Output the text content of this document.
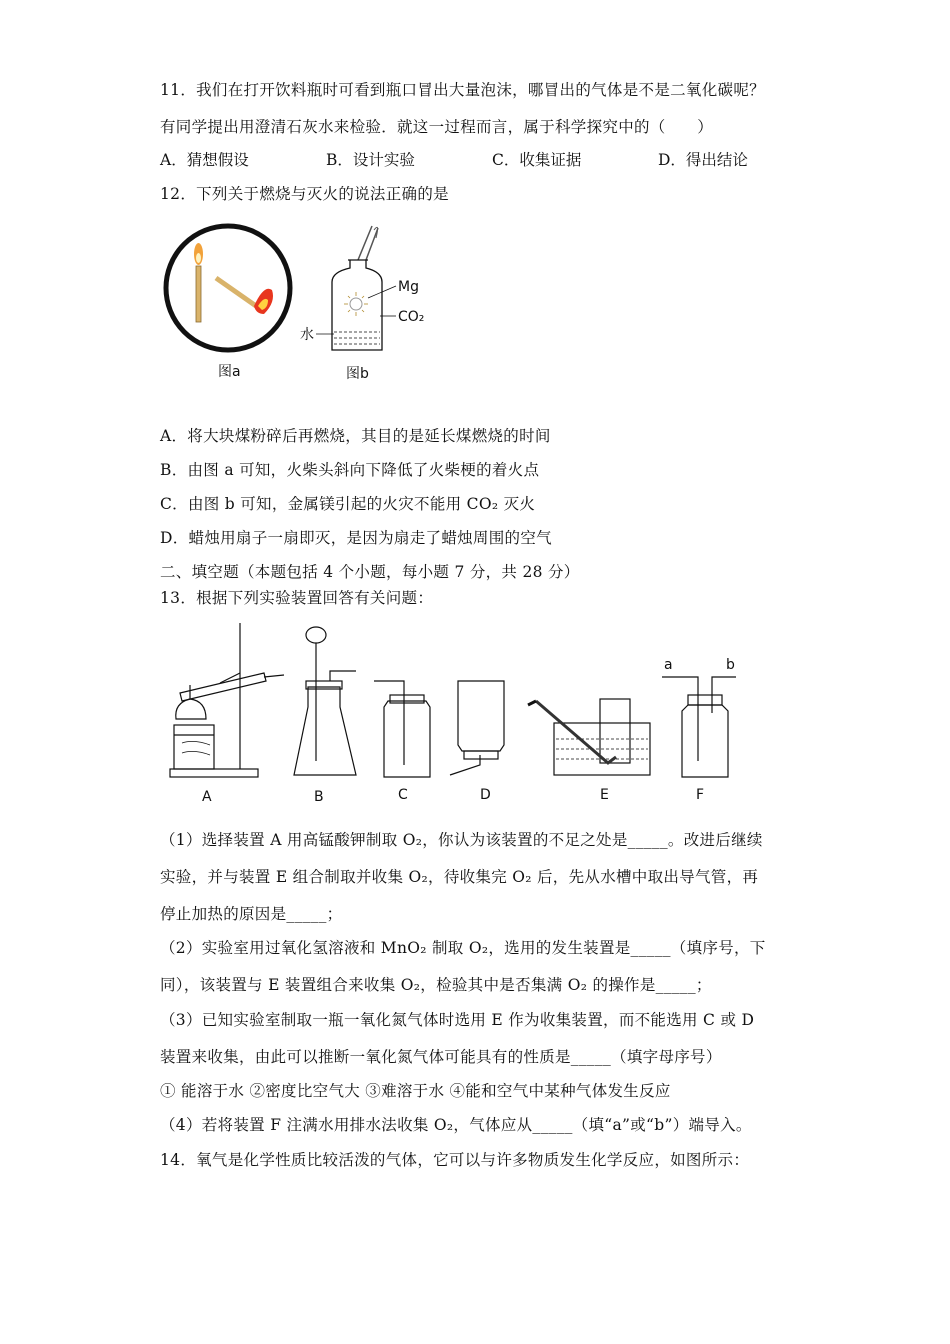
11．我们在打开饮料瓶时可看到瓶口冒出大量泡沫，哪冒出的气体是不是二氧化碳呢？
有同学提出用澄清石灰水来检验．就这一过程而言，属于科学探究中的（　　）
A．猜想假设	B．设计实验	C．收集证据	D．得出结论
12．下列关于燃烧与灭火的说法正确的是
图a
Mg
CO₂
水
图b
A．将大块煤粉碎后再燃烧，其目的是延长煤燃烧的时间
B．由图 a 可知，火柴头斜向下降低了火柴梗的着火点
C．由图 b 可知，金属镁引起的火灾不能用 CO₂ 灭火
D．蜡烛用扇子一扇即灭，是因为扇走了蜡烛周围的空气
二、填空题（本题包括 4 个小题，每小题 7 分，共 28 分）
13．根据下列实验装置回答有关问题：
A	B	C	D	E
a	b
F
（1）选择装置 A 用高锰酸钾制取 O₂，你认为该装置的不足之处是_____。改进后继续
实验，并与装置 E 组合制取并收集 O₂，待收集完 O₂ 后，先从水槽中取出导气管，再
停止加热的原因是_____；
（2）实验室用过氧化氢溶液和 MnO₂ 制取 O₂，选用的发生装置是_____（填序号，下
同），该装置与 E 装置组合来收集 O₂，检验其中是否集满 O₂ 的操作是_____；
（3）已知实验室制取一瓶一氧化氮气体时选用 E 作为收集装置，而不能选用 C 或 D
装置来收集，由此可以推断一氧化氮气体可能具有的性质是_____（填字母序号）
① 能溶于水 ②密度比空气大 ③难溶于水 ④能和空气中某种气体发生反应
（4）若将装置 F 注满水用排水法收集 O₂，气体应从_____（填“a”或“b”）端导入。
14．氧气是化学性质比较活泼的气体，它可以与许多物质发生化学反应，如图所示：
